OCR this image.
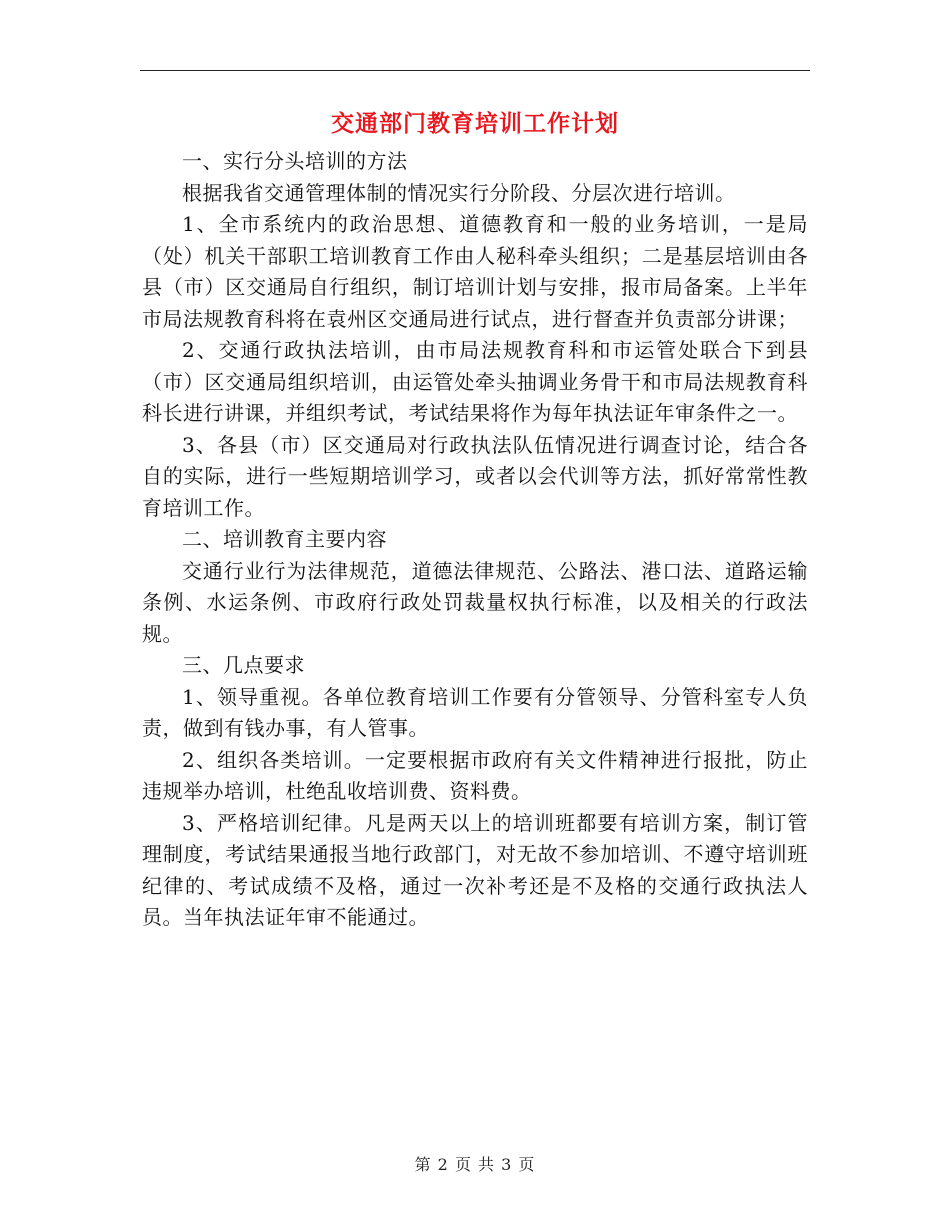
交通部门教育培训工作计划

一、实行分头培训的方法

根据我省交通管理体制的情况实行分阶段、分层次进行培训。

1、全市系统内的政治思想、道德教育和一般的业务培训，一是局（处）机关干部职工培训教育工作由人秘科牵头组织；二是基层培训由各县（市）区交通局自行组织，制订培训计划与安排，报市局备案。上半年市局法规教育科将在袁州区交通局进行试点，进行督查并负责部分讲课；

2、交通行政执法培训，由市局法规教育科和市运管处联合下到县（市）区交通局组织培训，由运管处牵头抽调业务骨干和市局法规教育科科长进行讲课，并组织考试，考试结果将作为每年执法证年审条件之一。

3、各县（市）区交通局对行政执法队伍情况进行调查讨论，结合各自的实际，进行一些短期培训学习，或者以会代训等方法，抓好常常性教育培训工作。

二、培训教育主要内容

交通行业行为法律规范，道德法律规范、公路法、港口法、道路运输条例、水运条例、市政府行政处罚裁量权执行标准，以及相关的行政法规。

三、几点要求

1、领导重视。各单位教育培训工作要有分管领导、分管科室专人负责，做到有钱办事，有人管事。

2、组织各类培训。一定要根据市政府有关文件精神进行报批，防止违规举办培训，杜绝乱收培训费、资料费。

3、严格培训纪律。凡是两天以上的培训班都要有培训方案，制订管理制度，考试结果通报当地行政部门，对无故不参加培训、不遵守培训班纪律的、考试成绩不及格，通过一次补考还是不及格的交通行政执法人员。当年执法证年审不能通过。

第 2 页 共 3 页
